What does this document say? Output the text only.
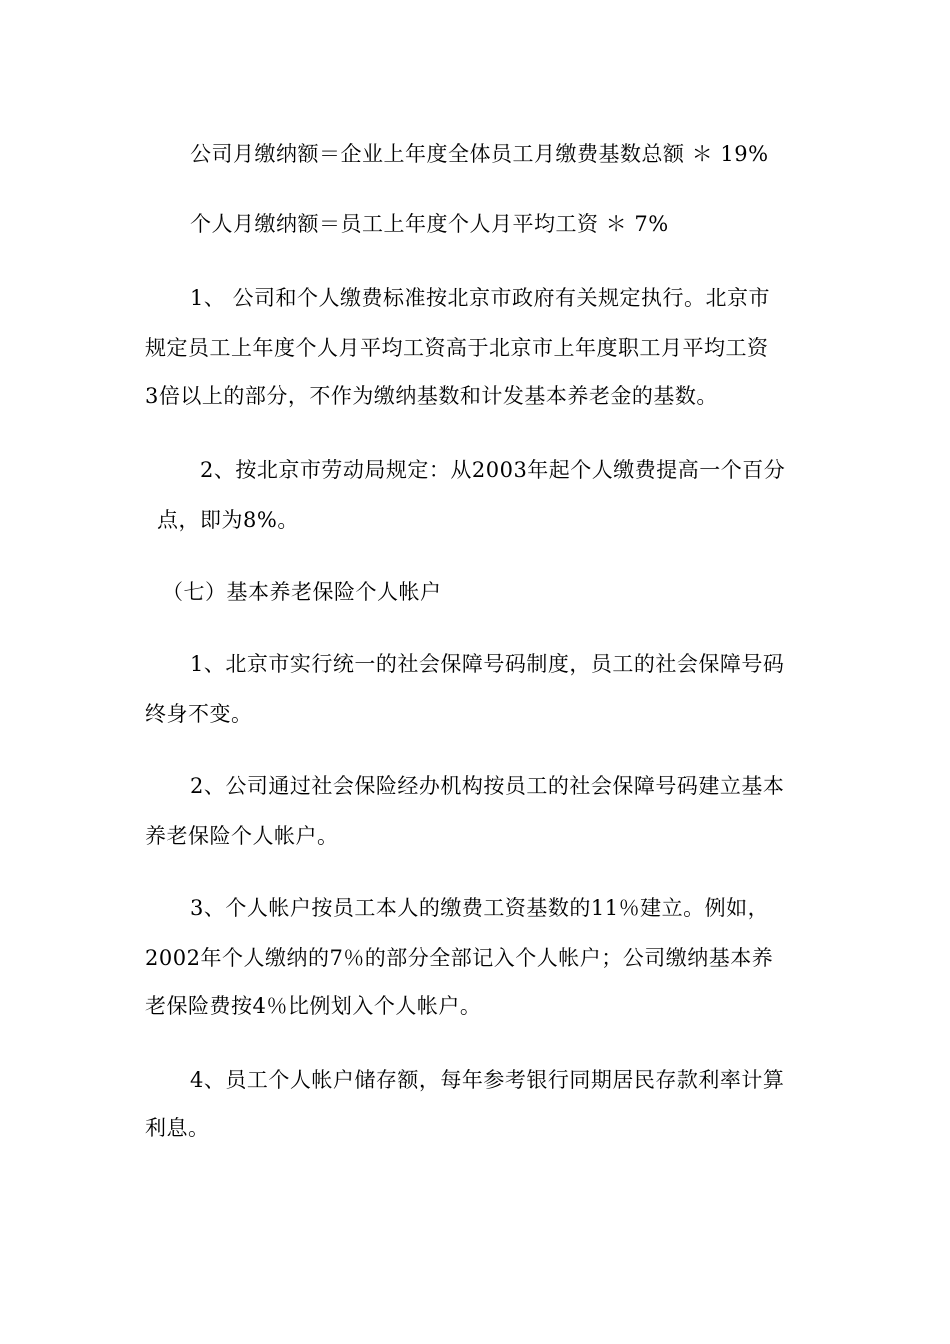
公司月缴纳额＝企业上年度全体员工月缴费基数总额 ＊ 19%
个人月缴纳额＝员工上年度个人月平均工资 ＊ 7%
1、 公司和个人缴费标准按北京市政府有关规定执行。北京市
规定员工上年度个人月平均工资高于北京市上年度职工月平均工资
3倍以上的部分，不作为缴纳基数和计发基本养老金的基数。
2、按北京市劳动局规定：从2003年起个人缴费提高一个百分
点，即为8%。
（七）基本养老保险个人帐户
1、北京市实行统一的社会保障号码制度，员工的社会保障号码
终身不变。
2、公司通过社会保险经办机构按员工的社会保障号码建立基本
养老保险个人帐户。
3、个人帐户按员工本人的缴费工资基数的11％建立。例如，
2002年个人缴纳的7％的部分全部记入个人帐户；公司缴纳基本养
老保险费按4％比例划入个人帐户。
4、员工个人帐户储存额，每年参考银行同期居民存款利率计算
利息。
